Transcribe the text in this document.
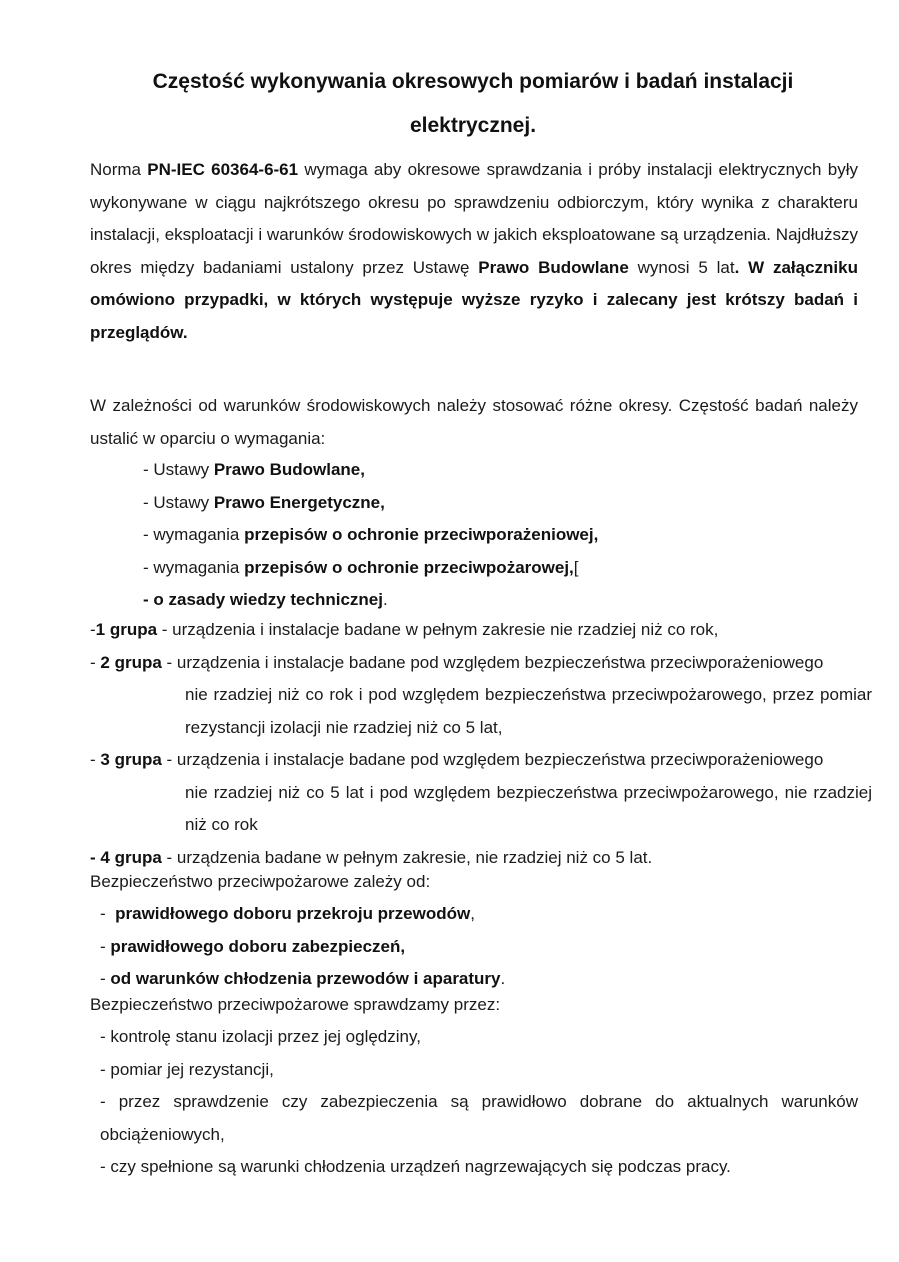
Częstość wykonywania okresowych pomiarów i badań instalacji elektrycznej.

Norma PN-IEC 60364-6-61 wymaga aby okresowe sprawdzania i próby instalacji elektrycznych były wykonywane w ciągu najkrótszego okresu po sprawdzeniu odbiorczym, który wynika z charakteru instalacji, eksploatacji i warunków środowiskowych w jakich eksploatowane są urządzenia. Najdłuższy okres między badaniami ustalony przez Ustawę Prawo Budowlane wynosi 5 lat. W załączniku omówiono przypadki, w których występuje wyższe ryzyko i zalecany jest krótszy badań i przeglądów.

W zależności od warunków środowiskowych należy stosować różne okresy. Częstość badań należy ustalić w oparciu o wymagania:

- Ustawy Prawo Budowlane,
- Ustawy Prawo Energetyczne,
- wymagania przepisów o ochronie przeciwporażeniowej,
- wymagania przepisów o ochronie przeciwpożarowej,[
- o zasady wiedzy technicznej.
- 1 grupa - urządzenia i instalacje badane w pełnym zakresie nie rzadziej niż co rok,
- 2 grupa - urządzenia i instalacje badane pod względem bezpieczeństwa przeciwporażeniowego
nie rzadziej niż co rok i pod względem bezpieczeństwa przeciwpożarowego, przez pomiar rezystancji izolacji nie rzadziej niż co 5 lat,
- 3 grupa - urządzenia i instalacje badane pod względem bezpieczeństwa przeciwporażeniowego
nie rzadziej niż co 5 lat i pod względem bezpieczeństwa przeciwpożarowego, nie rzadziej niż co rok
- 4 grupa - urządzenia badane w pełnym zakresie, nie rzadziej niż co 5 lat.

Bezpieczeństwo przeciwpożarowe zależy od:

-  prawidłowego doboru przekroju przewodów,
- prawidłowego doboru zabezpieczeń,
- od warunków chłodzenia przewodów i aparatury.

Bezpieczeństwo przeciwpożarowe sprawdzamy przez:

- kontrolę stanu izolacji przez jej oględziny,
- pomiar jej rezystancji,
- przez sprawdzenie czy zabezpieczenia są prawidłowo dobrane do aktualnych warunków obciążeniowych,
- czy spełnione są warunki chłodzenia urządzeń nagrzewających się podczas pracy.
